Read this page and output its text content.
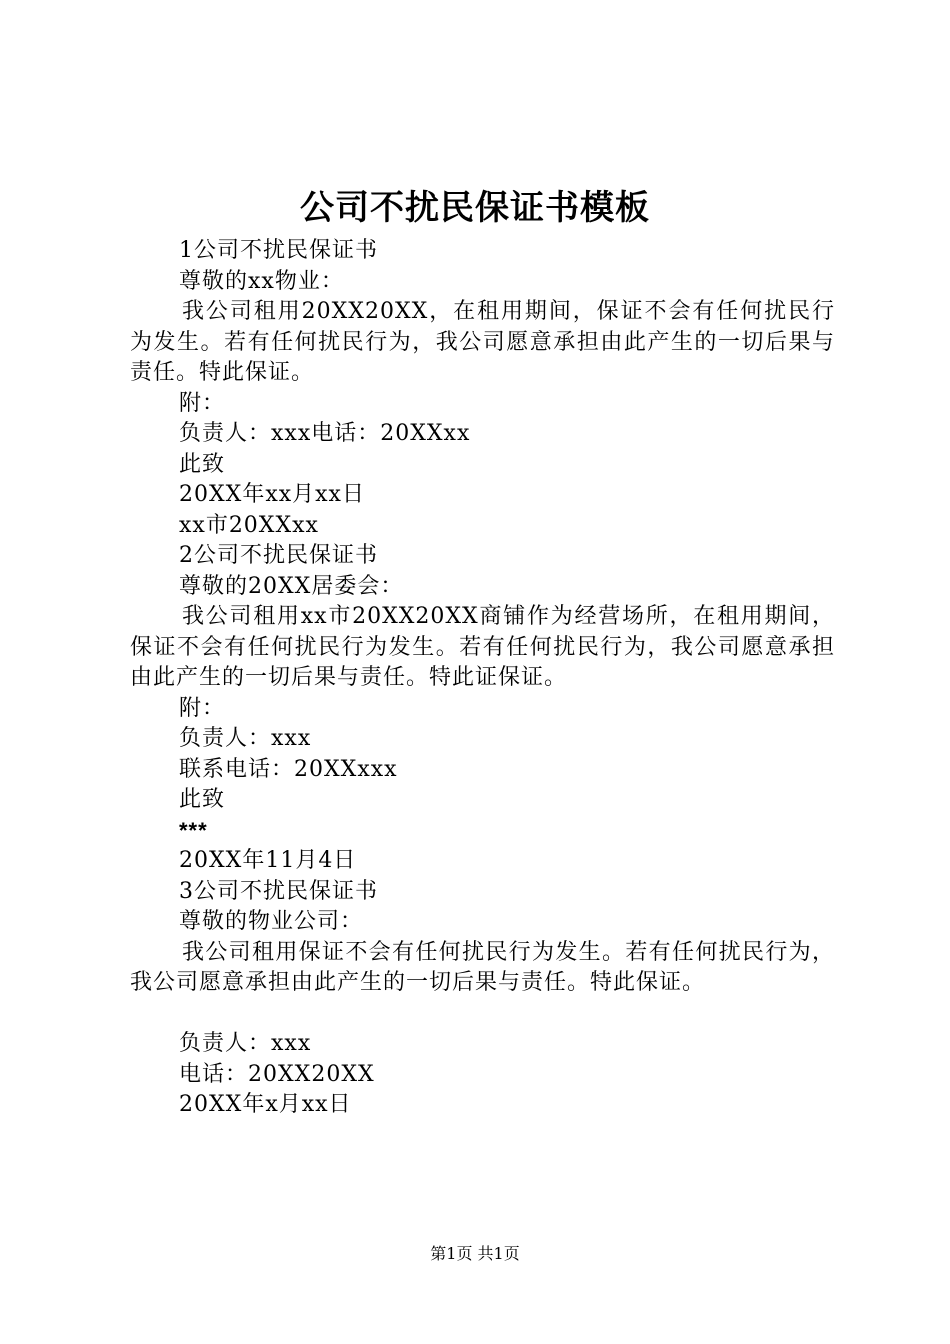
公司不扰民保证书模板

1公司不扰民保证书

尊敬的xx物业：

我公司租用20XX20XX，在租用期间，保证不会有任何扰民行为发生。若有任何扰民行为，我公司愿意承担由此产生的一切后果与责任。特此保证。

附：

负责人：xxx电话：20XXxx

此致

20XX年xx月xx日

xx市20XXxx

2公司不扰民保证书

尊敬的20XX居委会：

我公司租用xx市20XX20XX商铺作为经营场所，在租用期间，保证不会有任何扰民行为发生。若有任何扰民行为，我公司愿意承担由此产生的一切后果与责任。特此证保证。

附：

负责人：xxx

联系电话：20XXxxx

此致

***

20XX年11月4日

3公司不扰民保证书

尊敬的物业公司：

我公司租用保证不会有任何扰民行为发生。若有任何扰民行为，我公司愿意承担由此产生的一切后果与责任。特此保证。

负责人：xxx

电话：20XX20XX

20XX年x月xx日

第1页 共1页
